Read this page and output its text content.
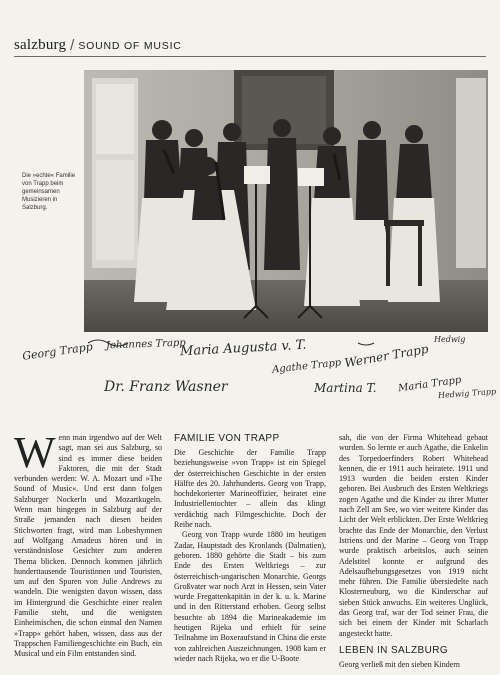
salzburg / SOUND OF MUSIC
Die »echte« Familie von Trapp beim gemeinsamen Musizieren in Salzburg.
Georg Trapp Johannes Trapp
Maria Augusta v. T.
Agathe Trapp Werner Trapp
Hedwig
Martina T. Maria Trapp
Hedwig Trapp
Dr. Franz Wasner
W enn man irgendwo auf der Welt sagt, man sei aus Salzburg, so sind es immer diese beiden Faktoren, die mit der Stadt verbunden werden: W. A. Mozart und »The Sound of Music«. Und erst dann folgen Salzburger Nockerln und Mozartkugeln. Wenn man hingegen in Salzburg auf der Straße jemanden nach diesen beiden Stichworten fragt, wird man Lobeshymnen auf Wolfgang Amadeus hören und in verständnislose Gesichter zum anderen Thema blicken. Dennoch kommen jährlich hunderttausende Touristinnen und Touristen, um auf den Spuren von Julie Andrews zu wandeln. Die wenigsten davon wissen, dass im Hintergrund die Geschichte einer realen Familie steht, und die wenigsten Einheimischen, die schon einmal den Namen »Trapp« gehört haben, wissen, dass aus der Trappschen Familiengeschichte ein Buch, ein Musical und ein Film entstanden sind.

FAMILIE VON TRAPP

Die Geschichte der Familie Trapp beziehungsweise »von Trapp« ist ein Spiegel der österreichischen Geschichte in der ersten Hälfte des 20. Jahrhunderts. Georg von Trapp, hochdekorierter Marineoffizier, heiratet eine Industriellentochter – allein das klingt verdächtig nach Filmgeschichte. Doch der Reihe nach.

Georg von Trapp wurde 1880 im heutigen Zadar, Hauptstadt des Kronlands (Dalmatien), geboren. 1880 gehörte die Stadt – bis zum Ende des Ersten Weltkriegs – zur österreichisch-ungarischen Monarchie. Georgs Großvater war noch Arzt in Hessen, sein Vater wurde Fregattenkapitän in der k. u. k. Marine und in den Ritterstand erhoben. Georg selbst besuchte ab 1894 die Marineakademie im heutigen Rijeka und erhielt für seine Teilnahme im Boxeraufstand in China die erste von zahlreichen Auszeichnungen. 1908 kam er wieder nach Rijeka, wo er die U-Boote

sah, die von der Firma Whitehead gebaut wurden. So lernte er auch Agathe, die Enkelin des Torpedoerfinders Robert Whitehead kennen, die er 1911 auch heiratete. 1911 und 1913 wurden die beiden ersten Kinder geboren. Bei Ausbruch des Ersten Weltkriegs zogen Agathe und die Kinder zu ihrer Mutter nach Zell am See, wo vier weitere Kinder das Licht der Welt erblickten. Der Erste Weltkrieg brachte das Ende der Monarchie, den Verlust Istriens und der Marine – Georg von Trapp wurde praktisch arbeitslos, auch seinen Adelstitel konnte er aufgrund des Adelsaufhebungsgesetzes von 1919 nicht mehr führen. Die Familie übersiedelte nach Klosterneuburg, wo die Kinderschar auf sieben Stück anwuchs. Ein weiteres Unglück, das Georg traf, war der Tod seiner Frau, die sich bei einem der Kinder mit Scharlach angesteckt hatte.

LEBEN IN SALZBURG

Georg verließ mit den sieben Kindern
